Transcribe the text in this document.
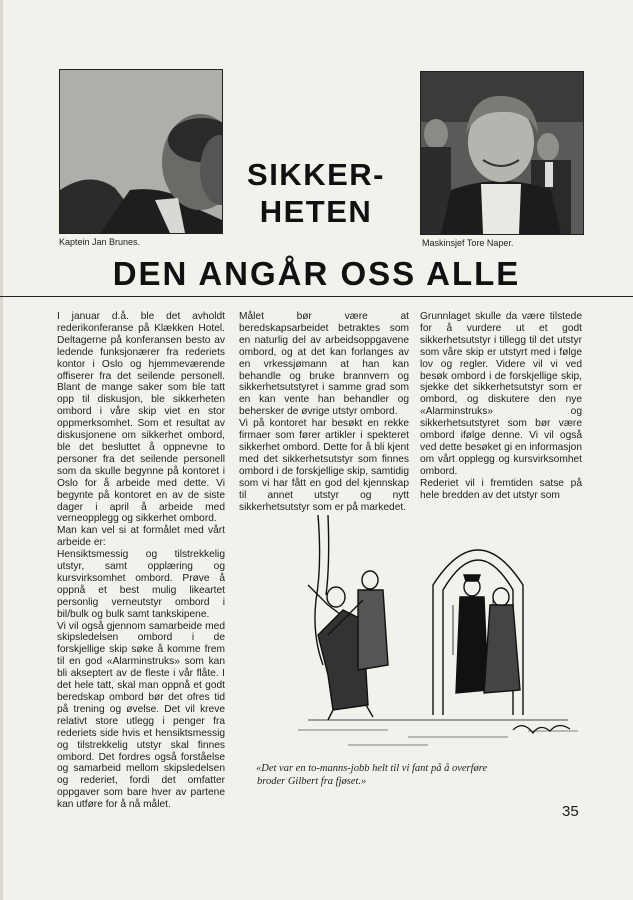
Kaptein Jan Brunes.	Maskinsjef Tore Naper.
SIKKER-
HETEN
DEN ANGÅR OSS ALLE

I januar d.å. ble det avholdt rederikonferanse på Klækken Hotel. Deltagerne på konferansen besto av ledende funksjonærer fra rederiets kontor i Oslo og hjemmeværende offiserer fra det seilende personell. Blant de mange saker som ble tatt opp til diskusjon, ble sikkerheten ombord i våre skip viet en stor oppmerksomhet. Som et resultat av diskusjonene om sikkerhet ombord, ble det besluttet å oppnevne to personer fra det seilende personell som da skulle begynne på kontoret i Oslo for å arbeide med dette. Vi begynte på kontoret en av de siste dager i april å arbeide med verneopplegg og sikkerhet ombord.

Man kan vel si at formålet med vårt arbeide er:

Hensiktsmessig og tilstrekkelig utstyr, samt opplæring og kursvirksomhet ombord. Prøve å oppnå et best mulig likeartet personlig verneutstyr ombord i bil/bulk og bulk samt tankskipene.

Vi vil også gjennom samarbeide med skipsledelsen ombord i de forskjellige skip søke å komme frem til en god «Alarminstruks» som kan bli akseptert av de fleste i vår flåte. I det hele tatt, skal man oppnå et godt beredskap ombord bør det ofres tid på trening og øvelse. Det vil kreve relativt store utlegg i penger fra rederiets side hvis et hensiktsmessig og tilstrekkelig utstyr skal finnes ombord. Det fordres også forståelse og samarbeid mellom skipsledelsen og rederiet, fordi det omfatter oppgaver som bare hver av partene kan utføre for å nå målet.

Målet bør være at beredskapsarbeidet betraktes som en naturlig del av arbeidsoppgavene ombord, og at det kan forlanges av en vrkessjømann at han kan behandle og bruke brannvern og sikkerhetsutstyret i samme grad som en kan vente han behandler og behersker de øvrige utstyr ombord.

Vi på kontoret har besøkt en rekke firmaer som fører artikler i spekteret sikkerhet ombord. Dette for å bli kjent med det sikkerhetsutstyr som finnes ombord i de forskjellige skip, samtidig som vi har fått en god del kjennskap til annet utstyr og nytt sikkerhetsutstyr som er på markedet.

Grunnlaget skulle da være tilstede for å vurdere ut et godt sikkerhetsutstyr i tillegg til det utstyr som våre skip er utstyrt med i følge lov og regler. Videre vil vi ved besøk ombord i de forskjellige skip, sjekke det sikkerhetsutstyr som er ombord, og diskutere den nye «Alarminstruks» og sikkerhetsutstyret som bør være ombord ifølge denne. Vi vil også ved dette besøket gi en informasjon om vårt opplegg og kursvirksomhet ombord.

Rederiet vil i fremtiden satse på hele bredden av det utstyr som

«Det var en to-manns-jobb helt til vi fant på å overføre
broder Gilbert fra fjøset.»
35
